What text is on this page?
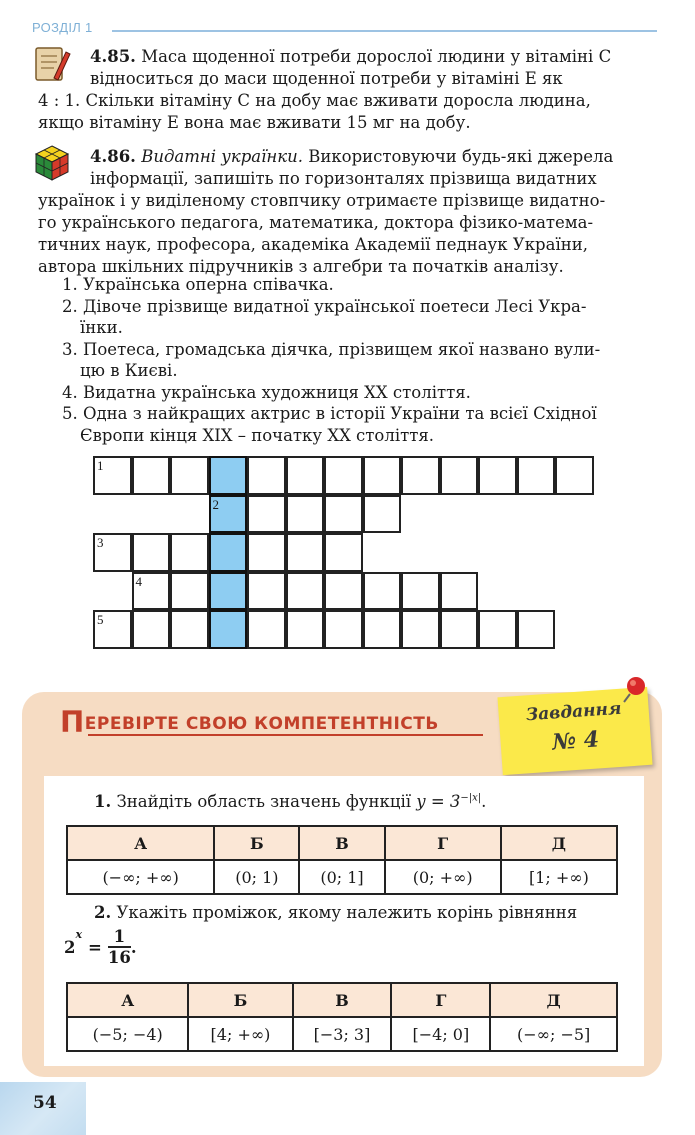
РОЗДІЛ 1
4.85. Маса щоденної потреби дорослої людини у вітаміні С
відноситься до маси щоденної потреби у вітаміні Е як
4 : 1. Скільки вітаміну С на добу має вживати доросла людина,
якщо вітаміну Е вона має вживати 15 мг на добу.
4.86. Видатні українки. Використовуючи будь-які джерела
інформації, запишіть по горизонталях прізвища видатних
українок і у виділеному стовпчику отримаєте прізвище видатно-
го українського педагога, математика, доктора фізико-матема-
тичних наук, професора, академіка Академії педнаук України,
автора шкільних підручників з алгебри та початків аналізу.
1. Українська оперна співачка.
2. Дівоче прізвище видатної української поетеси Лесі Укра-
їнки.
3. Поетеса, громадська діячка, прізвищем якої названо вули-
цю в Києві.
4. Видатна українська художниця ХХ століття.
5. Одна з найкращих актрис в історії України та всієї Східної
Європи кінця ХІХ – початку ХХ століття.
1
2
3
4
5
ПЕРЕВІРТЕ СВОЮ КОМПЕТЕНТНІСТЬ	Завдання
№ 4
1. Знайдіть область значень функції $y = 3^{-|x|}$.
А	Б	В	Г	Д
(−∞; +∞)	(0; 1)	(0; 1]	(0; +∞)	[1; +∞)
2. Укажіть проміжок, якому належить корінь рівняння
2
$^x$
= $\frac{1}{16}$ .
А	Б	В	Г	Д
(−5; −4)	[4; +∞)	[−3; 3]	[−4; 0]	(−∞; −5]
54
